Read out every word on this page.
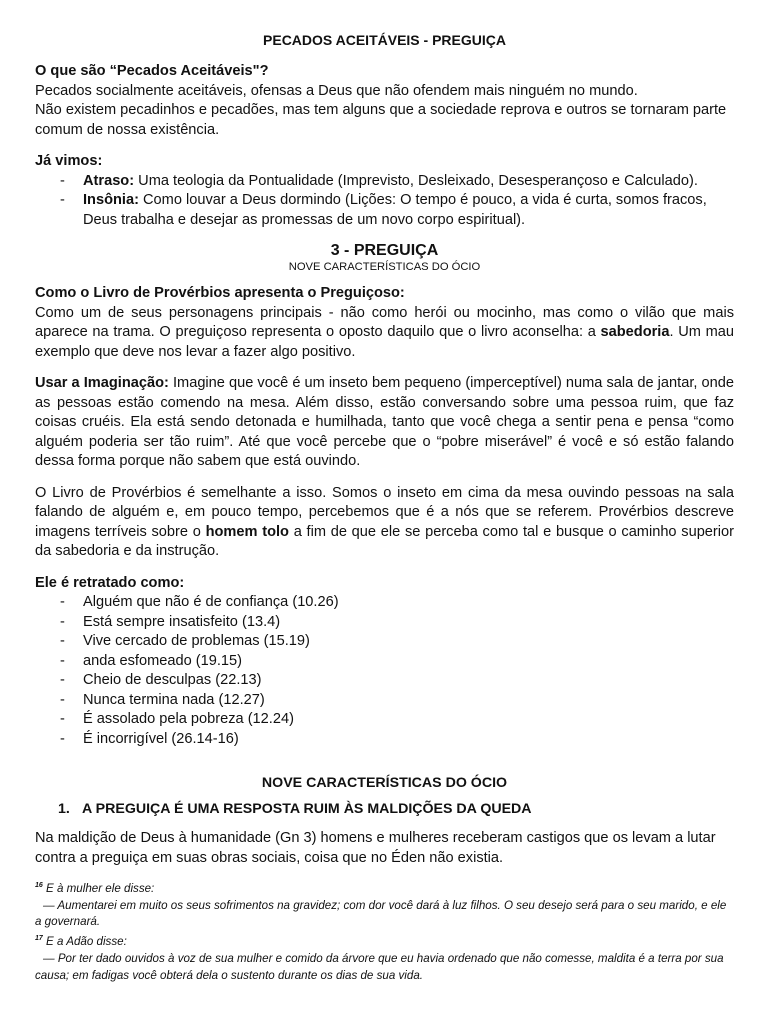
PECADOS ACEITÁVEIS - PREGUIÇA

O que são “Pecados Aceitáveis"?

Pecados socialmente aceitáveis, ofensas a Deus que não ofendem mais ninguém no mundo.

Não existem pecadinhos e pecadões, mas tem alguns que a sociedade reprova e outros se tornaram parte comum de nossa existência.

Já vimos:

- Atraso: Uma teologia da Pontualidade (Imprevisto, Desleixado, Desesperançoso e Calculado).
- Insônia: Como louvar a Deus dormindo (Lições: O tempo é pouco, a vida é curta, somos fracos, Deus trabalha e desejar as promessas de um novo corpo espiritual).

3 - PREGUIÇA

NOVE CARACTERÍSTICAS DO ÓCIO

Como o Livro de Provérbios apresenta o Preguiçoso:

Como um de seus personagens principais - não como herói ou mocinho, mas como o vilão que mais aparece na trama. O preguiçoso representa o oposto daquilo que o livro aconselha: a sabedoria. Um mau exemplo que deve nos levar a fazer algo positivo.

Usar a Imaginação: Imagine que você é um inseto bem pequeno (imperceptível) numa sala de jantar, onde as pessoas estão comendo na mesa. Além disso, estão conversando sobre uma pessoa ruim, que faz coisas cruéis. Ela está sendo detonada e humilhada, tanto que você chega a sentir pena e pensa “como alguém poderia ser tão ruim”. Até que você percebe que o “pobre miserável” é você e só estão falando dessa forma porque não sabem que está ouvindo.

O Livro de Provérbios é semelhante a isso. Somos o inseto em cima da mesa ouvindo pessoas na sala falando de alguém e, em pouco tempo, percebemos que é a nós que se referem. Provérbios descreve imagens terríveis sobre o homem tolo a fim de que ele se perceba como tal e busque o caminho superior da sabedoria e da instrução.

Ele é retratado como:

- Alguém que não é de confiança (10.26)
- Está sempre insatisfeito (13.4)
- Vive cercado de problemas (15.19)
- anda esfomeado (19.15)
- Cheio de desculpas (22.13)
- Nunca termina nada (12.27)
- É assolado pela pobreza (12.24)
- É incorrigível (26.14-16)

NOVE CARACTERÍSTICAS DO ÓCIO

1. A PREGUIÇA É UMA RESPOSTA RUIM ÀS MALDIÇÕES DA QUEDA

Na maldição de Deus à humanidade (Gn 3) homens e mulheres receberam castigos que os levam a lutar contra a preguiça em suas obras sociais, coisa que no Éden não existia.

$^{16}$ E à mulher ele disse:

— Aumentarei em muito os seus sofrimentos na gravidez; com dor você dará à luz filhos. O seu desejo será para o seu marido, e ele a governará.

$^{17}$ E a Adão disse:

— Por ter dado ouvidos à voz de sua mulher e comido da árvore que eu havia ordenado que não comesse, maldita é a terra por sua causa; em fadigas você obterá dela o sustento durante os dias de sua vida.
